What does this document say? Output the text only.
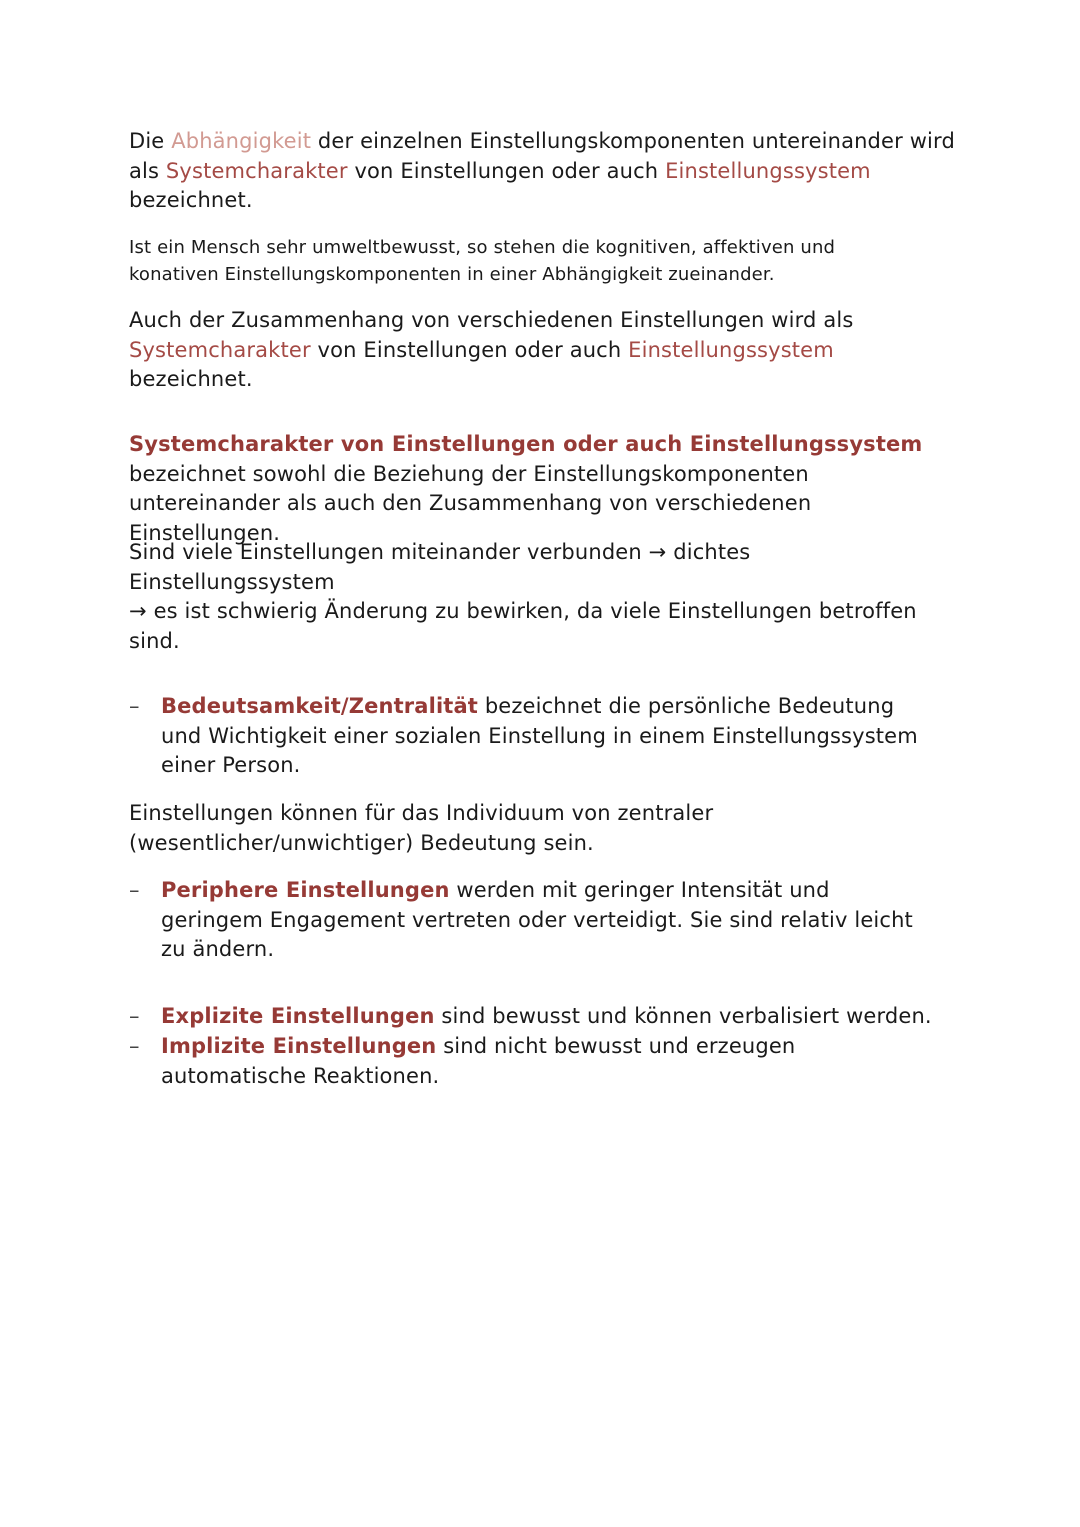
Die Abhängigkeit der einzelnen Einstellungskomponenten untereinander wird als Systemcharakter von Einstellungen oder auch Einstellungssystem
bezeichnet.

Ist ein Mensch sehr umweltbewusst, so stehen die kognitiven, affektiven und konativen Einstellungskomponenten in einer Abhängigkeit zueinander.

Auch der Zusammenhang von verschiedenen Einstellungen wird als Systemcharakter von Einstellungen oder auch Einstellungssystem bezeichnet.

Systemcharakter von Einstellungen oder auch Einstellungssystem
bezeichnet sowohl die Beziehung der Einstellungskomponenten untereinander als auch den Zusammenhang von verschiedenen Einstellungen.

Sind viele Einstellungen miteinander verbunden → dichtes Einstellungssystem
→ es ist schwierig Änderung zu bewirken, da viele Einstellungen betroffen sind.

– Bedeutsamkeit/Zentralität bezeichnet die persönliche Bedeutung und Wichtigkeit einer sozialen Einstellung in einem Einstellungssystem einer Person.

Einstellungen können für das Individuum von zentraler (wesentlicher/unwichtiger) Bedeutung sein.

– Periphere Einstellungen werden mit geringer Intensität und geringem Engagement vertreten oder verteidigt. Sie sind relativ leicht zu ändern.
– Explizite Einstellungen sind bewusst und können verbalisiert werden.
– Implizite Einstellungen sind nicht bewusst und erzeugen automatische Reaktionen.
